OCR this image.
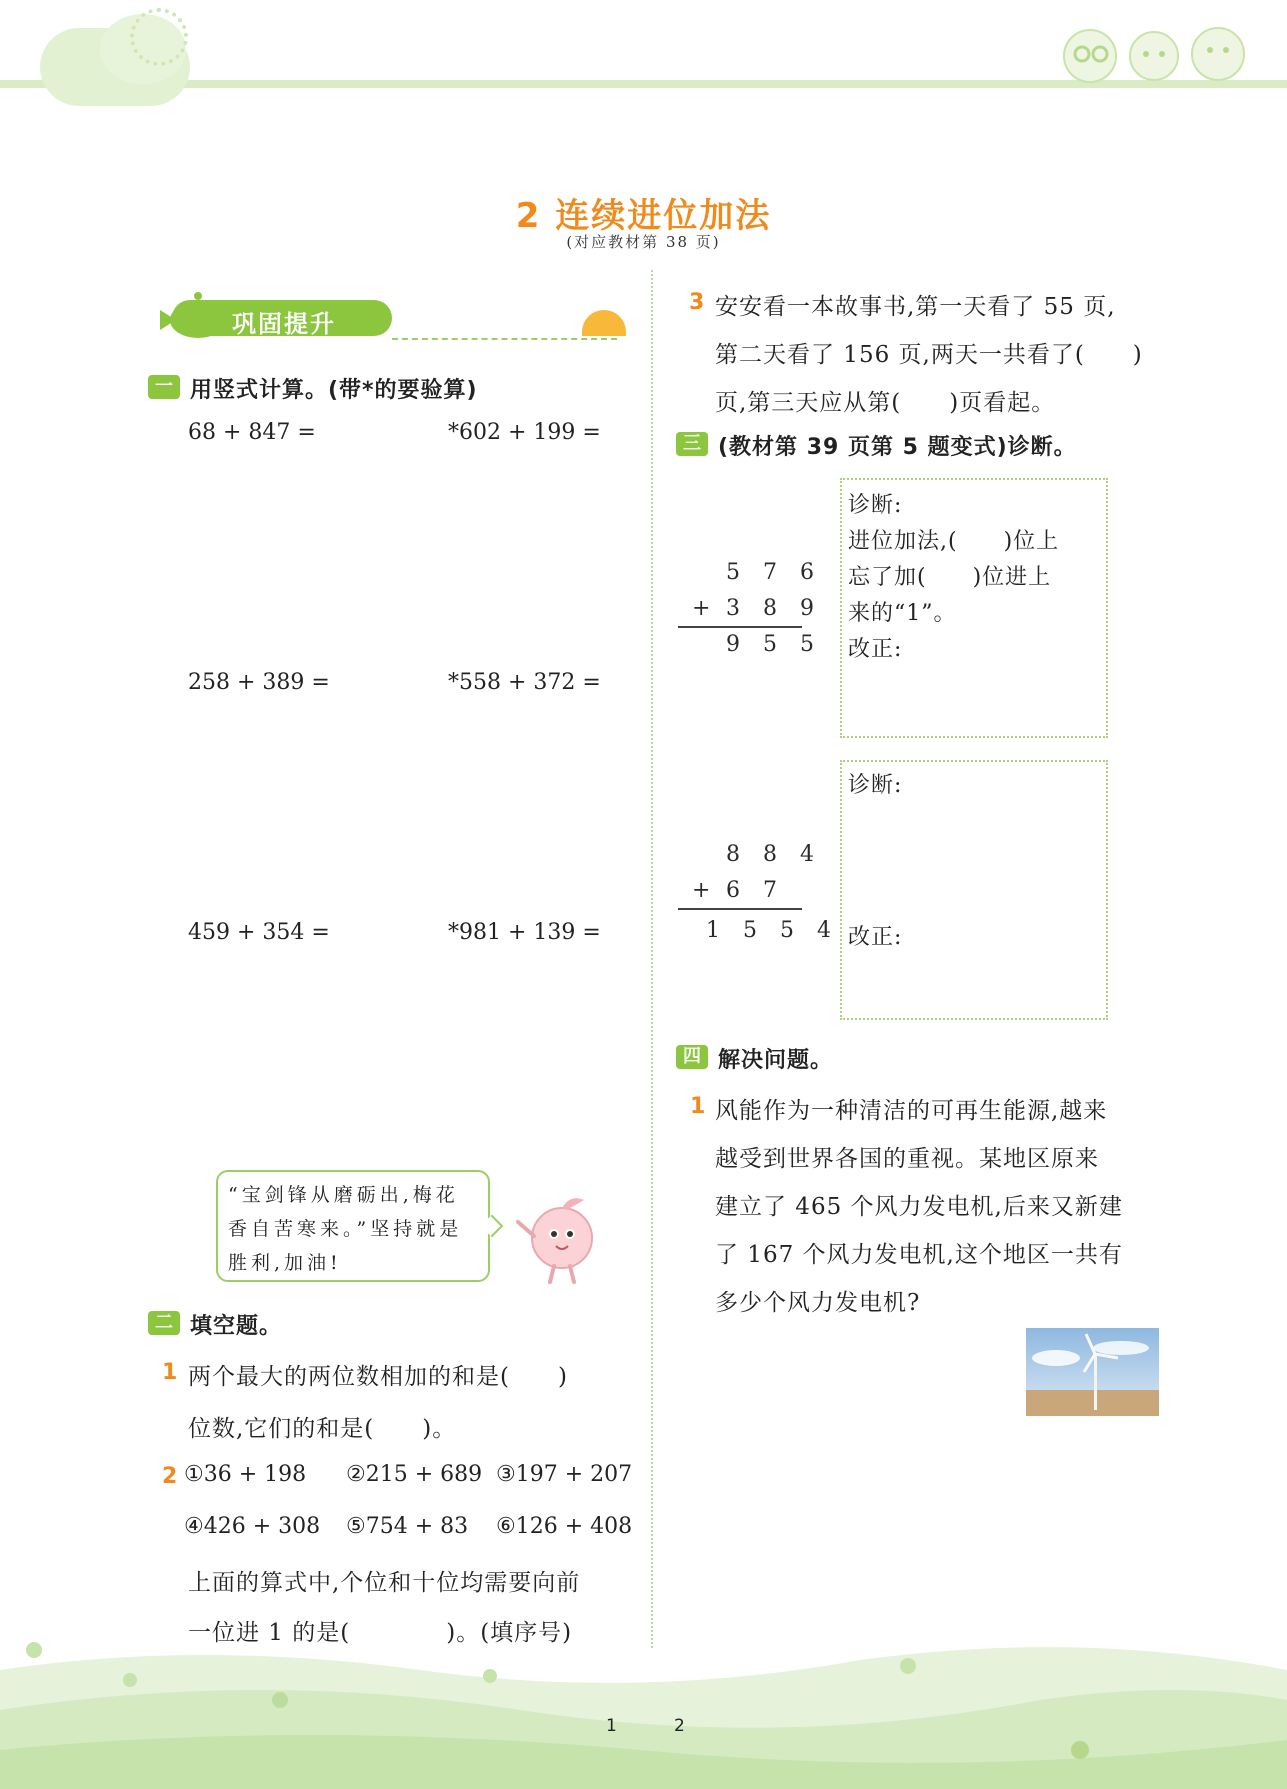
2 连续进位加法
(对应教材第 38 页)
巩固提升
一 用竖式计算。(带*的要验算)
68 + 847 =	*602 + 199 =
258 + 389 =	*558 + 372 =
459 + 354 =	*981 + 139 =
“宝剑锋从磨砺出,梅花
香自苦寒来。”坚持就是
胜利,加油!
二 填空题。
1 两个最大的两位数相加的和是(　　)
位数,它们的和是(　　)。
2 ①36 + 198 ②215 + 689 ③197 + 207
④426 + 308 ⑤754 + 83 ⑥126 + 408
上面的算式中,个位和十位均需要向前
一位进 1 的是(　　　　)。(填序号)
3 安安看一本故事书,第一天看了 55 页,
第二天看了 156 页,两天一共看了(　　)
页,第三天应从第(　　)页看起。
三 (教材第 39 页第 5 题变式)诊断。
5 7 6
+ 3 8 9
9 5 5
诊断:
进位加法,(　　)位上
忘了加(　　)位进上
来的“1”。
改正:
8 8 4
+ 6 7
1 5 5 4
诊断:
改正:
四 解决问题。
1 风能作为一种清洁的可再生能源,越来
越受到世界各国的重视。某地区原来
建立了 465 个风力发电机,后来又新建
了 167 个风力发电机,这个地区一共有
多少个风力发电机?
1	2
